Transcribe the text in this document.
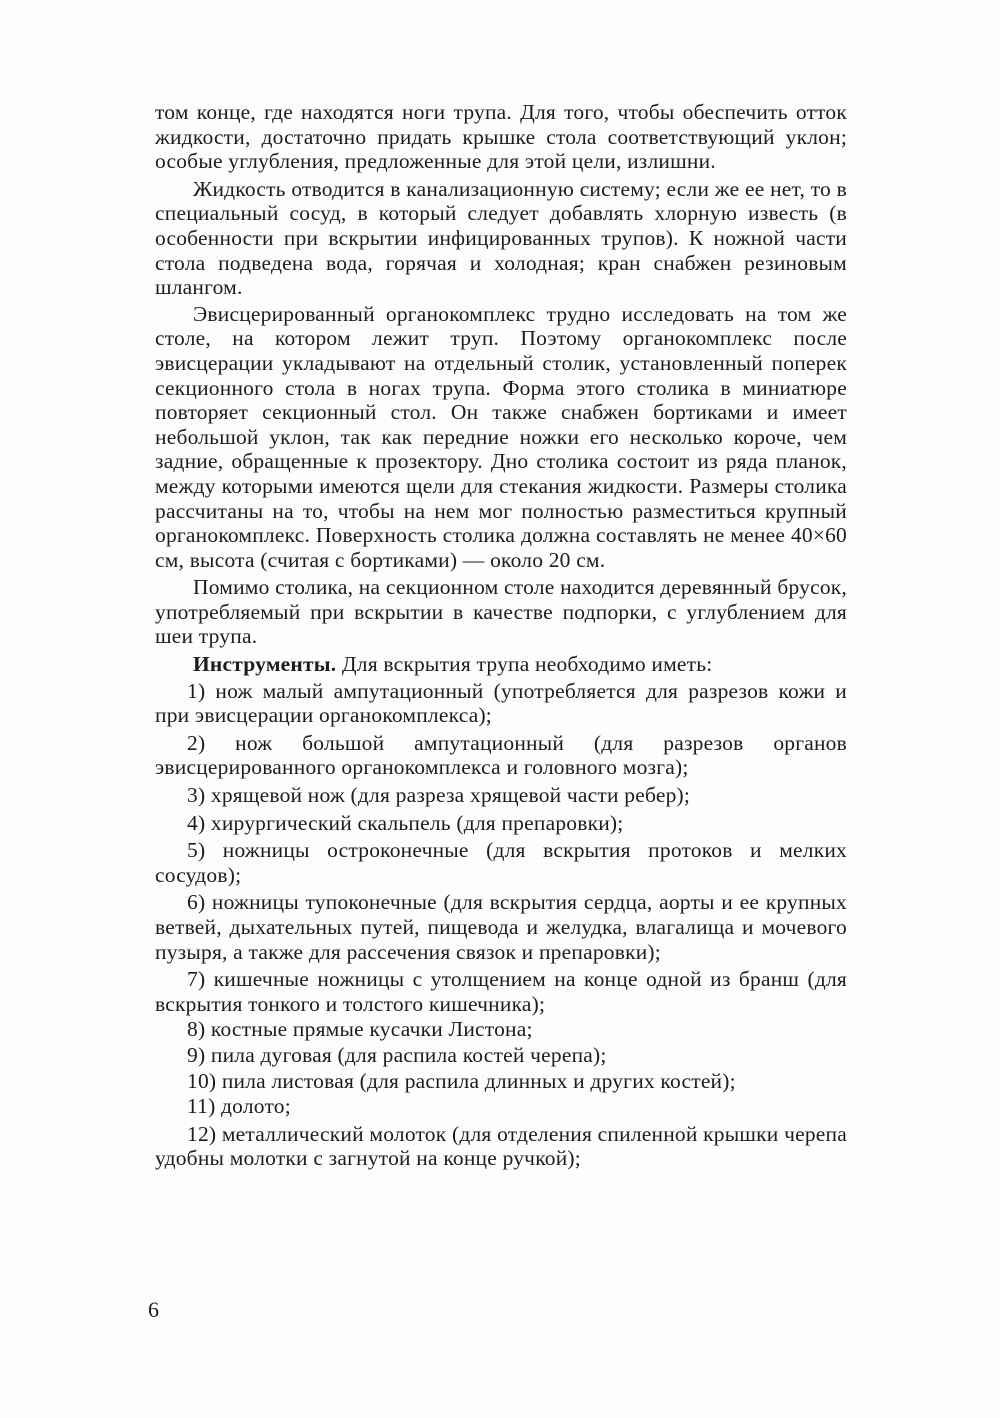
том конце, где находятся ноги трупа. Для того, чтобы обеспечить отток жидкости, достаточно придать крышке стола соответствующий уклон; особые углубления, предложенные для этой цели, излишни.

Жидкость отводится в канализационную систему; если же ее нет, то в специальный сосуд, в который следует добавлять хлорную известь (в особенности при вскрытии инфицированных трупов). К ножной части стола подведена вода, горячая и холодная; кран снабжен резиновым шлангом.

Эвисцерированный органокомплекс трудно исследовать на том же столе, на котором лежит труп. Поэтому органокомплекс после эвисцерации укладывают на отдельный столик, установленный поперек секционного стола в ногах трупа. Форма этого столика в миниатюре повторяет секционный стол. Он также снабжен бортиками и имеет небольшой уклон, так как передние ножки его несколько короче, чем задние, обращенные к прозектору. Дно столика состоит из ряда планок, между которыми имеются щели для стекания жидкости. Размеры столика рассчитаны на то, чтобы на нем мог полностью разместиться крупный органокомплекс. Поверхность столика должна составлять не менее 40×60 см, высота (считая с бортиками) — около 20 см.

Помимо столика, на секционном столе находится деревянный брусок, употребляемый при вскрытии в качестве подпорки, с углублением для шеи трупа.

Инструменты. Для вскрытия трупа необходимо иметь:

1) нож малый ампутационный (употребляется для разрезов кожи и при эвисцерации органокомплекса);

2) нож большой ампутационный (для разрезов органов эвисцерированного органокомплекса и головного мозга);

3) хрящевой нож (для разреза хрящевой части ребер);

4) хирургический скальпель (для препаровки);

5) ножницы остроконечные (для вскрытия протоков и мелких сосудов);

6) ножницы тупоконечные (для вскрытия сердца, аорты и ее крупных ветвей, дыхательных путей, пищевода и желудка, влагалища и мочевого пузыря, а также для рассечения связок и препаровки);

7) кишечные ножницы с утолщением на конце одной из бранш (для вскрытия тонкого и толстого кишечника);

8) костные прямые кусачки Листона;

9) пила дуговая (для распила костей черепа);

10) пила листовая (для распила длинных и других костей);

11) долото;

12) металлический молоток (для отделения спиленной крышки черепа удобны молотки с загнутой на конце ручкой);

6
